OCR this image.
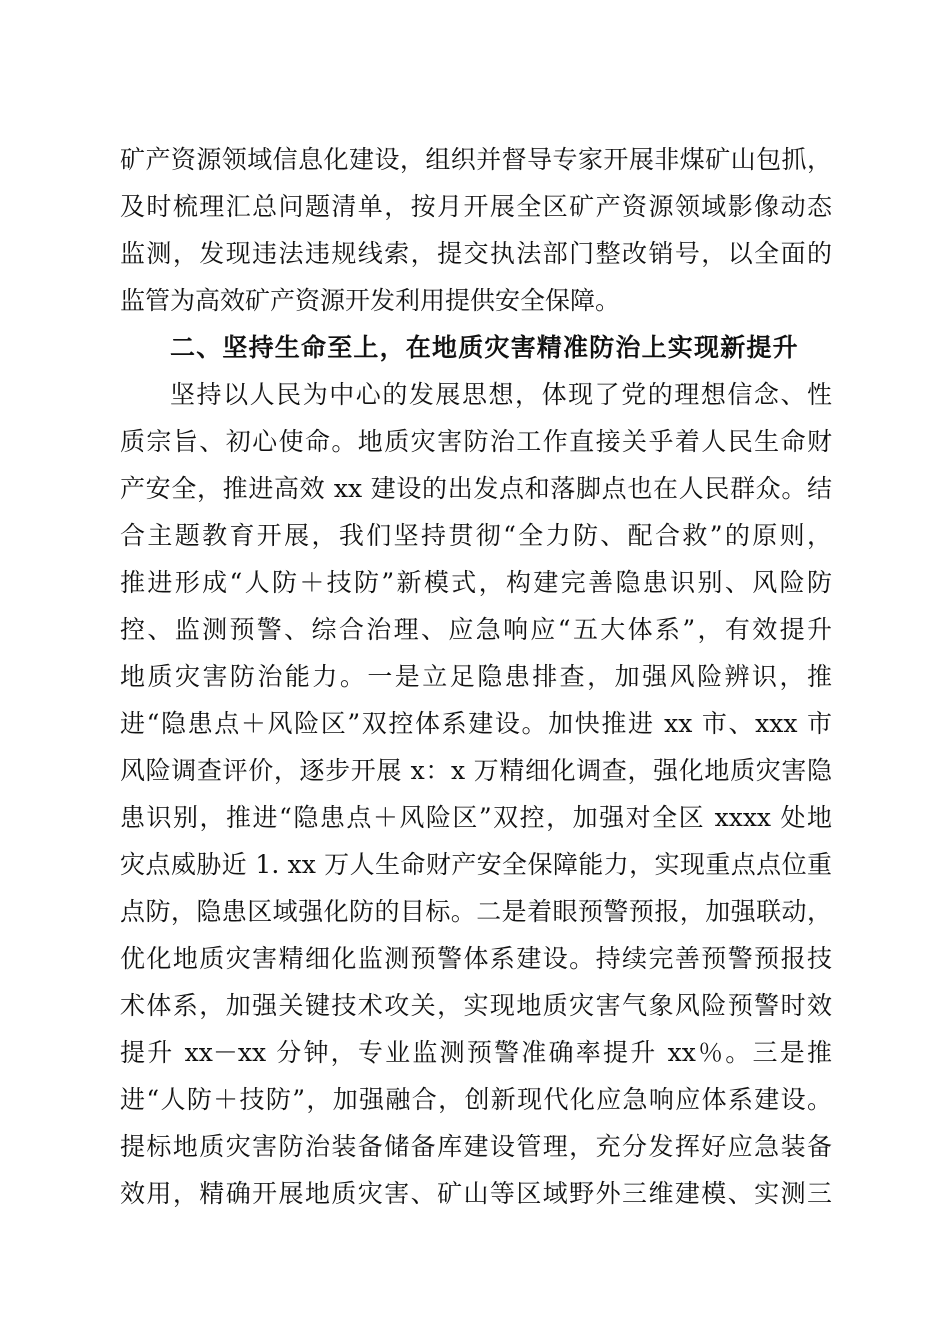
矿产资源领域信息化建设，组织并督导专家开展非煤矿山包抓，
及时梳理汇总问题清单，按月开展全区矿产资源领域影像动态
监测，发现违法违规线索，提交执法部门整改销号，以全面的
监管为高效矿产资源开发利用提供安全保障。
二、坚持生命至上，在地质灾害精准防治上实现新提升
坚持以人民为中心的发展思想，体现了党的理想信念、性
质宗旨、初心使命。地质灾害防治工作直接关乎着人民生命财
产安全，推进高效 xx 建设的出发点和落脚点也在人民群众。结
合主题教育开展，我们坚持贯彻“全力防、配合救”的原则，
推进形成“人防＋技防”新模式，构建完善隐患识别、风险防
控、监测预警、综合治理、应急响应“五大体系”，有效提升
地质灾害防治能力。一是立足隐患排查，加强风险辨识，推
进“隐患点＋风险区”双控体系建设。加快推进 xx 市、xxx 市
风险调查评价，逐步开展 x：x 万精细化调查，强化地质灾害隐
患识别，推进“隐患点＋风险区”双控，加强对全区 xxxx 处地
灾点威胁近 1. xx 万人生命财产安全保障能力，实现重点点位重
点防，隐患区域强化防的目标。二是着眼预警预报，加强联动，
优化地质灾害精细化监测预警体系建设。持续完善预警预报技
术体系，加强关键技术攻关，实现地质灾害气象风险预警时效
提升 xx－xx 分钟，专业监测预警准确率提升 xx％。三是推
进“人防＋技防”，加强融合，创新现代化应急响应体系建设。
提标地质灾害防治装备储备库建设管理，充分发挥好应急装备
效用，精确开展地质灾害、矿山等区域野外三维建模、实测三
